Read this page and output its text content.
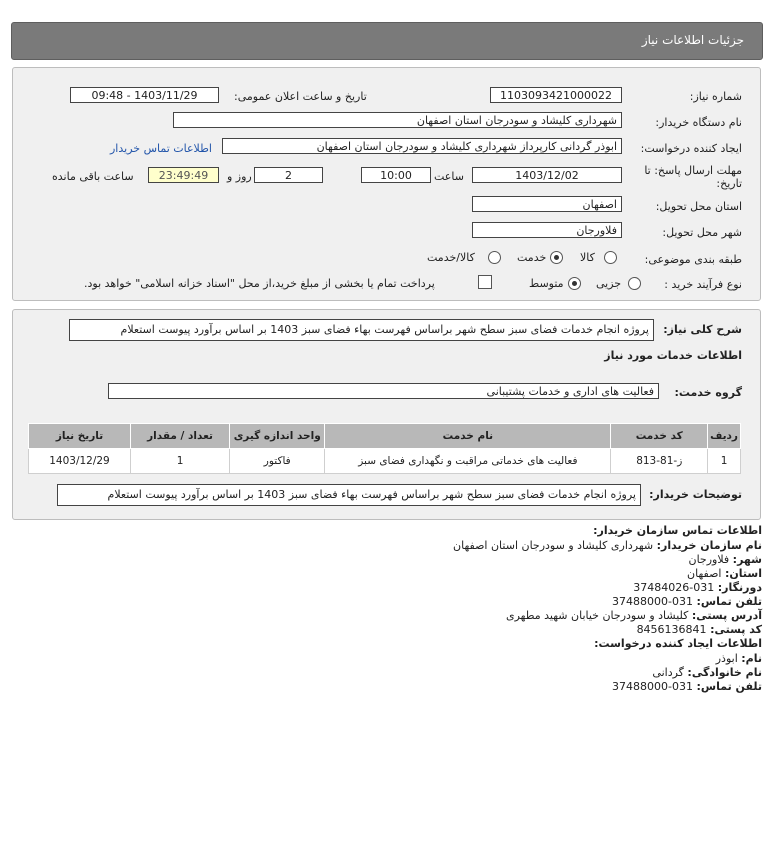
جزئیات اطلاعات نیاز
شماره نیاز:
1103093421000022
تاریخ و ساعت اعلان عمومی:
1403/11/29 - 09:48
نام دستگاه خریدار:
شهرداری کلیشاد و سودرجان استان اصفهان
ایجاد کننده درخواست:
ابوذر گردانی کارپرداز شهرداری کلیشاد و سودرجان استان اصفهان
اطلاعات تماس خریدار
مهلت ارسال پاسخ: تا تاریخ:
1403/12/02
ساعت
10:00
2
روز و
23:49:49
ساعت باقی مانده
استان محل تحویل:
اصفهان
شهر محل تحویل:
فلاورجان
طبقه بندی موضوعی:
کالا
خدمت
کالا/خدمت
نوع فرآیند خرید :
جزیی
متوسط
پرداخت تمام یا بخشی از مبلغ خرید،از محل "اسناد خزانه اسلامی" خواهد بود.
شرح کلی نیاز:
پروژه انجام خدمات فضای سبز سطح شهر براساس فهرست بهاء فضای سبز 1403 بر اساس برآورد پیوست استعلام
اطلاعات خدمات مورد نیاز
گروه خدمت:
فعالیت های اداری و خدمات پشتیبانی
ردیف	کد خدمت	نام خدمت	واحد اندازه گیری	تعداد / مقدار	تاریخ نیاز
1	ز-81-813	فعالیت های خدماتی مراقبت و نگهداری فضای سبز	فاکتور	1	1403/12/29
توضیحات خریدار:
پروژه انجام خدمات فضای سبز سطح شهر براساس فهرست بهاء فضای سبز 1403 بر اساس برآورد پیوست استعلام
اطلاعات تماس سازمان خریدار:
نام سازمان خریدار: شهرداری کلیشاد و سودرجان استان اصفهان
شهر: فلاورجان
استان: اصفهان
دورنگار: 031-37484026
تلفن تماس: 031-37488000
آدرس پستی: کلیشاد و سودرجان خیابان شهید مطهری
کد پستی: 8456136841
اطلاعات ایجاد کننده درخواست:
نام: ابوذر
نام خانوادگی: گردانی
تلفن تماس: 031-37488000
